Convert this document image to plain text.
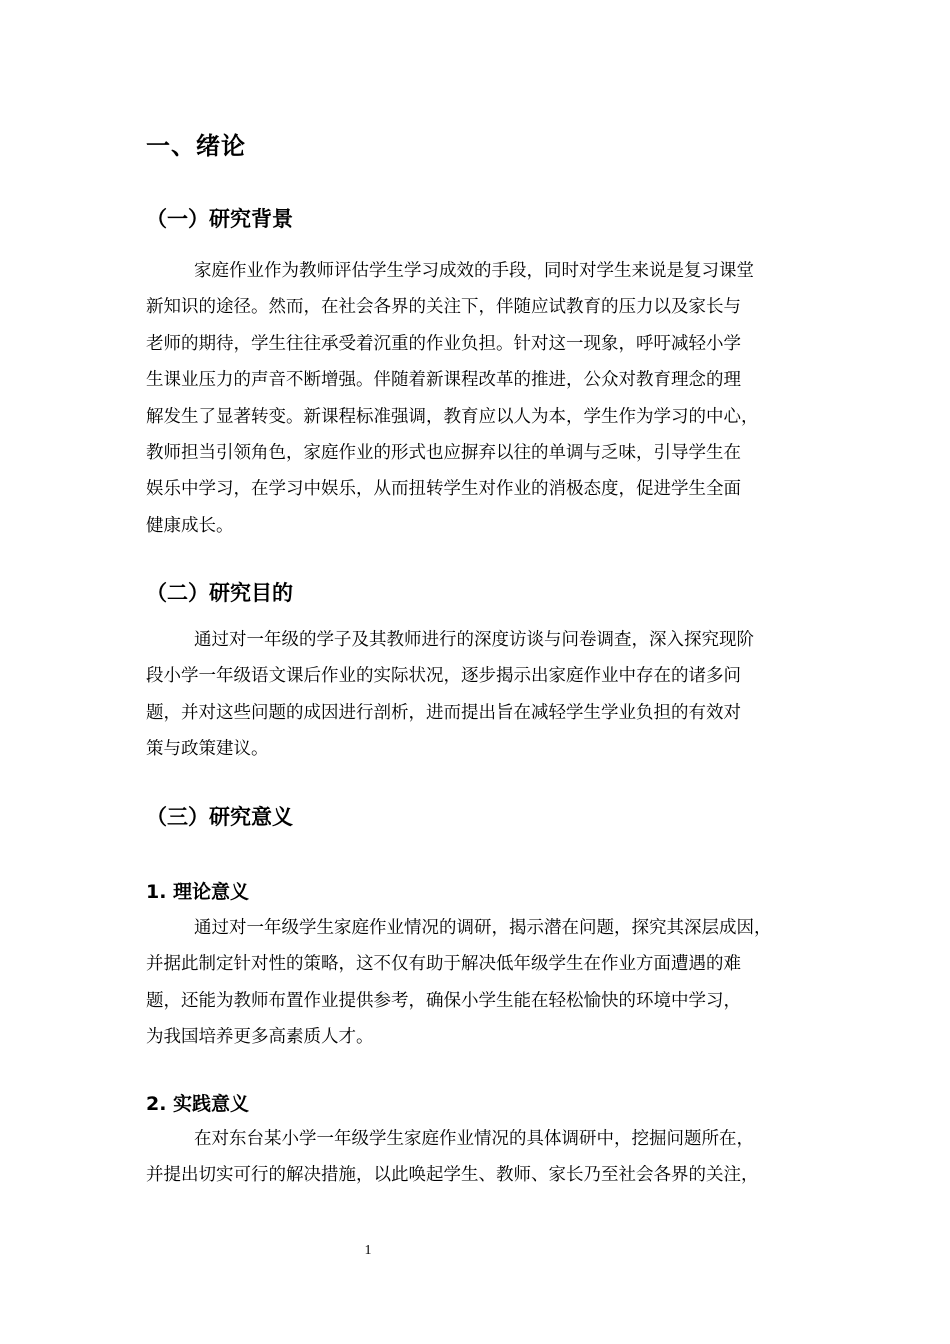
一、绪论
（一）研究背景
家庭作业作为教师评估学生学习成效的手段，同时对学生来说是复习课堂
新知识的途径。然而，在社会各界的关注下，伴随应试教育的压力以及家长与
老师的期待，学生往往承受着沉重的作业负担。针对这一现象，呼吁减轻小学
生课业压力的声音不断增强。伴随着新课程改革的推进，公众对教育理念的理
解发生了显著转变。新课程标准强调，教育应以人为本，学生作为学习的中心，
教师担当引领角色，家庭作业的形式也应摒弃以往的单调与乏味，引导学生在
娱乐中学习，在学习中娱乐，从而扭转学生对作业的消极态度，促进学生全面
健康成长。
（二）研究目的
通过对一年级的学子及其教师进行的深度访谈与问卷调查，深入探究现阶
段小学一年级语文课后作业的实际状况，逐步揭示出家庭作业中存在的诸多问
题，并对这些问题的成因进行剖析，进而提出旨在减轻学生学业负担的有效对
策与政策建议。
（三）研究意义
1. 理论意义
通过对一年级学生家庭作业情况的调研，揭示潜在问题，探究其深层成因，
并据此制定针对性的策略，这不仅有助于解决低年级学生在作业方面遭遇的难
题，还能为教师布置作业提供参考，确保小学生能在轻松愉快的环境中学习，
为我国培养更多高素质人才。
2. 实践意义
在对东台某小学一年级学生家庭作业情况的具体调研中，挖掘问题所在，
并提出切实可行的解决措施，以此唤起学生、教师、家长乃至社会各界的关注，
1
